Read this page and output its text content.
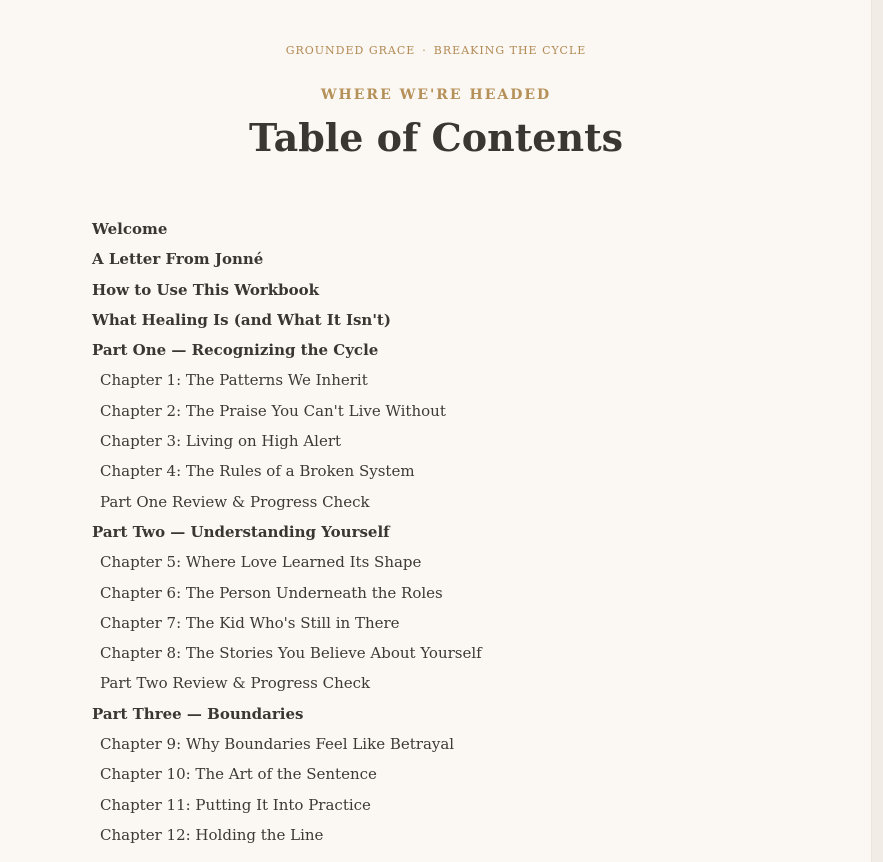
GROUNDED GRACE · BREAKING THE CYCLE
WHERE WE'RE HEADED
Table of Contents
Welcome
A Letter From Jonné
How to Use This Workbook
What Healing Is (and What It Isn't)
Part One — Recognizing the Cycle
Chapter 1: The Patterns We Inherit
Chapter 2: The Praise You Can't Live Without
Chapter 3: Living on High Alert
Chapter 4: The Rules of a Broken System
Part One Review & Progress Check
Part Two — Understanding Yourself
Chapter 5: Where Love Learned Its Shape
Chapter 6: The Person Underneath the Roles
Chapter 7: The Kid Who's Still in There
Chapter 8: The Stories You Believe About Yourself
Part Two Review & Progress Check
Part Three — Boundaries
Chapter 9: Why Boundaries Feel Like Betrayal
Chapter 10: The Art of the Sentence
Chapter 11: Putting It Into Practice
Chapter 12: Holding the Line
